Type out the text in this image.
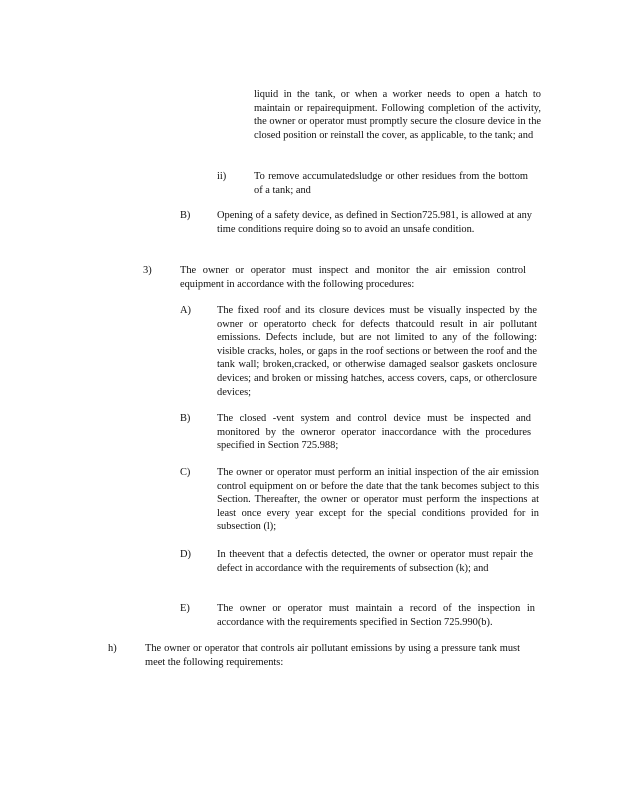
liquid in the tank, or when a worker needs to open a hatch to maintain or repairequipment. Following completion of the activity, the owner or operator must promptly secure the closure device in the closed position or reinstall the cover, as applicable, to the tank; and
ii)	To remove accumulatedsludge or other residues from the bottom of a tank; and
B)	Opening of a safety device, as defined in Section725.981, is allowed at any time conditions require doing so to avoid an unsafe condition.
3)	The owner or operator must inspect and monitor the air emission control equipment in accordance with the following procedures:
A)	The fixed roof and its closure devices must be visually inspected by the owner or operatorto check for defects thatcould result in air pollutant emissions. Defects include, but are not limited to any of the following: visible cracks, holes, or gaps in the roof sections or between the roof and the tank wall; broken,cracked, or otherwise damaged sealsor gaskets onclosure devices; and broken or missing hatches, access covers, caps, or otherclosure devices;
B)	The closed -vent system and control device must be inspected and monitored by the owneror operator inaccordance with the procedures specified in Section 725.988;
C)	The owner or operator must perform an initial inspection of the air emission control equipment on or before the date that the tank becomes subject to this Section. Thereafter, the owner or operator must perform the inspections at least once every year except for the special conditions provided for in subsection (l);
D)	In theevent that a defectis detected, the owner or operator must repair the defect in accordance with the requirements of subsection (k); and
E)	The owner or operator must maintain a record of the inspection in accordance with the requirements specified in Section 725.990(b).
h)	The owner or operator that controls air pollutant emissions by using a pressure tank must meet the following requirements:
